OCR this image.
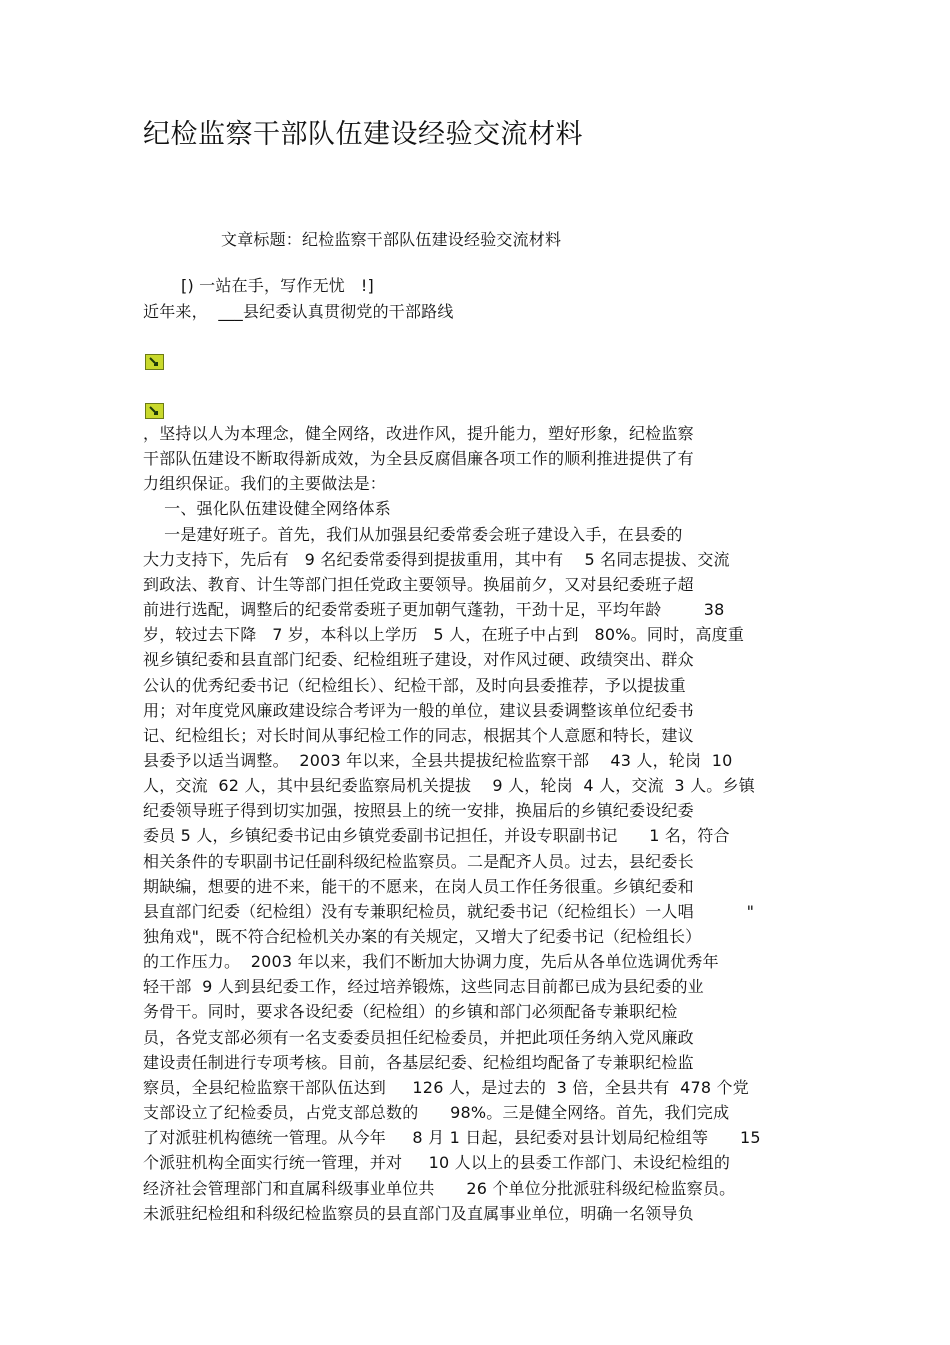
纪检监察干部队伍建设经验交流材料
文章标题：纪检监察干部队伍建设经验交流材料
[) 一站在手，写作无忧   !]
近年来，  ___县纪委认真贯彻党的干部路线
，坚持以人为本理念，健全网络，改进作风，提升能力，塑好形象，纪检监察
干部队伍建设不断取得新成效，为全县反腐倡廉各项工作的顺利推进提供了有
力组织保证。我们的主要做法是：
一、强化队伍建设健全网络体系
一是建好班子。首先，我们从加强县纪委常委会班子建设入手，在县委的
大力支持下，先后有   9 名纪委常委得到提拔重用，其中有    5 名同志提拔、交流
到政法、教育、计生等部门担任党政主要领导。换届前夕，又对县纪委班子超
前进行选配，调整后的纪委常委班子更加朝气蓬勃，干劲十足，平均年龄        38
岁，较过去下降   7 岁，本科以上学历   5 人，在班子中占到   80%。同时，高度重
视乡镇纪委和县直部门纪委、纪检组班子建设，对作风过硬、政绩突出、群众
公认的优秀纪委书记（纪检组长）、纪检干部，及时向县委推荐，予以提拔重
用；对年度党风廉政建设综合考评为一般的单位，建议县委调整该单位纪委书
记、纪检组长；对长时间从事纪检工作的同志，根据其个人意愿和特长，建议
县委予以适当调整。  2003 年以来，全县共提拔纪检监察干部    43 人，轮岗  10
人，交流  62 人，其中县纪委监察局机关提拔    9 人，轮岗  4 人，交流  3 人。乡镇
纪委领导班子得到切实加强，按照县上的统一安排，换届后的乡镇纪委设纪委
委员 5 人，乡镇纪委书记由乡镇党委副书记担任，并设专职副书记      1 名，符合
相关条件的专职副书记任副科级纪检监察员。二是配齐人员。过去，县纪委长
期缺编，想要的进不来，能干的不愿来，在岗人员工作任务很重。乡镇纪委和
县直部门纪委（纪检组）没有专兼职纪检员，就纪委书记（纪检组长）一人唱          "
独角戏"，既不符合纪检机关办案的有关规定，又增大了纪委书记（纪检组长）
的工作压力。  2003 年以来，我们不断加大协调力度，先后从各单位选调优秀年
轻干部  9 人到县纪委工作，经过培养锻炼，这些同志目前都已成为县纪委的业
务骨干。同时，要求各设纪委（纪检组）的乡镇和部门必须配备专兼职纪检
员，各党支部必须有一名支委委员担任纪检委员，并把此项任务纳入党风廉政
建设责任制进行专项考核。目前，各基层纪委、纪检组均配备了专兼职纪检监
察员，全县纪检监察干部队伍达到     126 人，是过去的  3 倍，全县共有  478 个党
支部设立了纪检委员，占党支部总数的      98%。三是健全网络。首先，我们完成
了对派驻机构德统一管理。从今年     8 月 1 日起，县纪委对县计划局纪检组等      15
个派驻机构全面实行统一管理，并对     10 人以上的县委工作部门、未设纪检组的
经济社会管理部门和直属科级事业单位共      26 个单位分批派驻科级纪检监察员。
未派驻纪检组和科级纪检监察员的县直部门及直属事业单位，明确一名领导负
